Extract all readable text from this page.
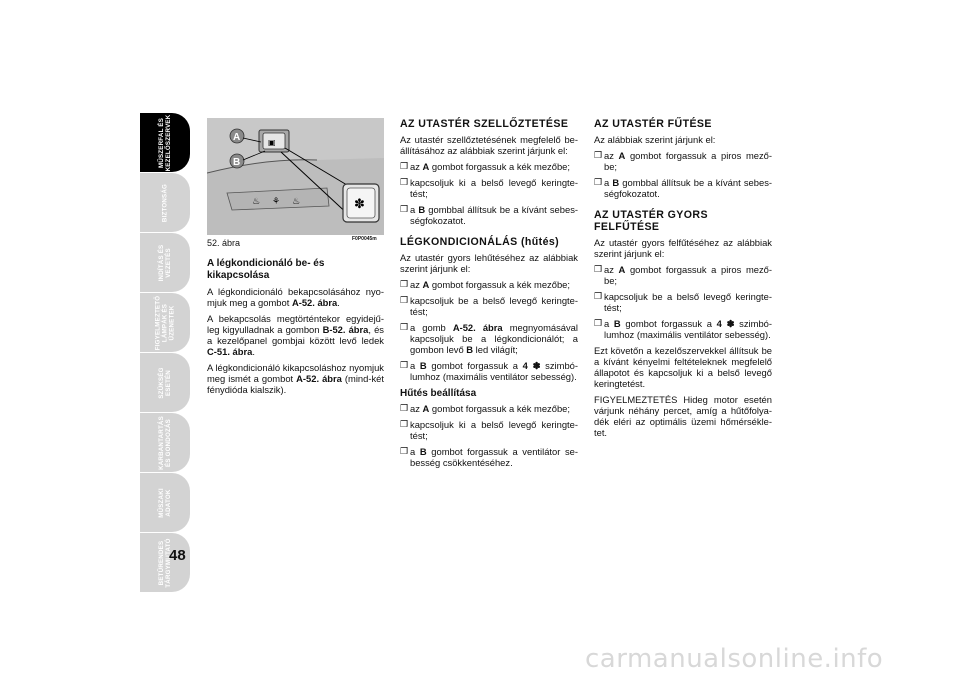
MŰSZERFAL ÉS KEZELŐSZERVEK
BIZTONSÁG
INDÍTÁS ÉS VEZETÉS
FIGYELMEZTETŐ LÁMPÁK ÉS
ÜZENETEK
SZÜKSÉG ESETÉN
KARBANTARTÁS ÉS GONDOZÁS
MŰSZAKI ADATOK
BETŰRENDES TÁRGYMUTATÓ
48
▣
✽
♨ ⚘ ♨
A
B
52. ábra	F0P0045m
A légkondicionáló be- és kikapcsolása

A légkondicionáló bekapcsolásához nyo-mjuk meg a gombot A-52. ábra.

A bekapcsolás megtörténtekor egyidejű-leg kigyulladnak a gombon B-52. ábra, és a kezelőpanel gombjai között levő ledek C-51. ábra.

A légkondicionáló kikapcsoláshoz nyomjuk meg ismét a gombot A-52. ábra (mind-két fénydióda kialszik).

AZ UTASTÉR SZELLŐZTETÉSE

Az utastér szellőztetésének megfelelő be-állításához az alábbiak szerint járjunk el:

❒ az A gombot forgassuk a kék mezőbe;
❒ kapcsoljuk ki a belső levegő keringte-tést;
❒ a B gombbal állítsuk be a kívánt sebes-ségfokozatot.
LÉGKONDICIONÁLÁS (hűtés)

Az utastér gyors lehűtéséhez az alábbiak szerint járjunk el:

❒ az A gombot forgassuk a kék mezőbe;
❒ kapcsoljuk be a belső levegő keringte-tést;
❒ a gomb A-52. ábra megnyomásával kapcsoljuk be a légkondicionálót; a gombon levő B led világít;
❒ a B gombot forgassuk a 4 ✽ szimbó-lumhoz (maximális ventilátor sebesség).
Hűtés beállítása
❒ az A gombot forgassuk a kék mezőbe;
❒ kapcsoljuk ki a belső levegő keringte-tést;
❒ a B gombot forgassuk a ventilátor se-besség csökkentéséhez.
AZ UTASTÉR FŰTÉSE

Az alábbiak szerint járjunk el:

❒ az A gombot forgassuk a piros mező-be;
❒ a B gombbal állítsuk be a kívánt sebes-ségfokozatot.
AZ UTASTÉR GYORS FELFŰTÉSE

Az utastér gyors felfűtéséhez az alábbiak szerint járjunk el:

❒ az A gombot forgassuk a piros mező-be;
❒ kapcsoljuk be a belső levegő keringte-tést;
❒ a B gombot forgassuk a 4 ✽ szimbó-lumhoz (maximális ventilátor sebesség).

Ezt követőn a kezelőszervekkel állítsuk be a kívánt kényelmi feltételeknek megfelelő állapotot és kapcsoljuk ki a belső levegő keringtetést.

FIGYELMEZTETÉS Hideg motor esetén várjunk néhány percet, amíg a hűtőfolya-dék eléri az optimális üzemi hőmérsékle-tet.

carmanualsonline.info
